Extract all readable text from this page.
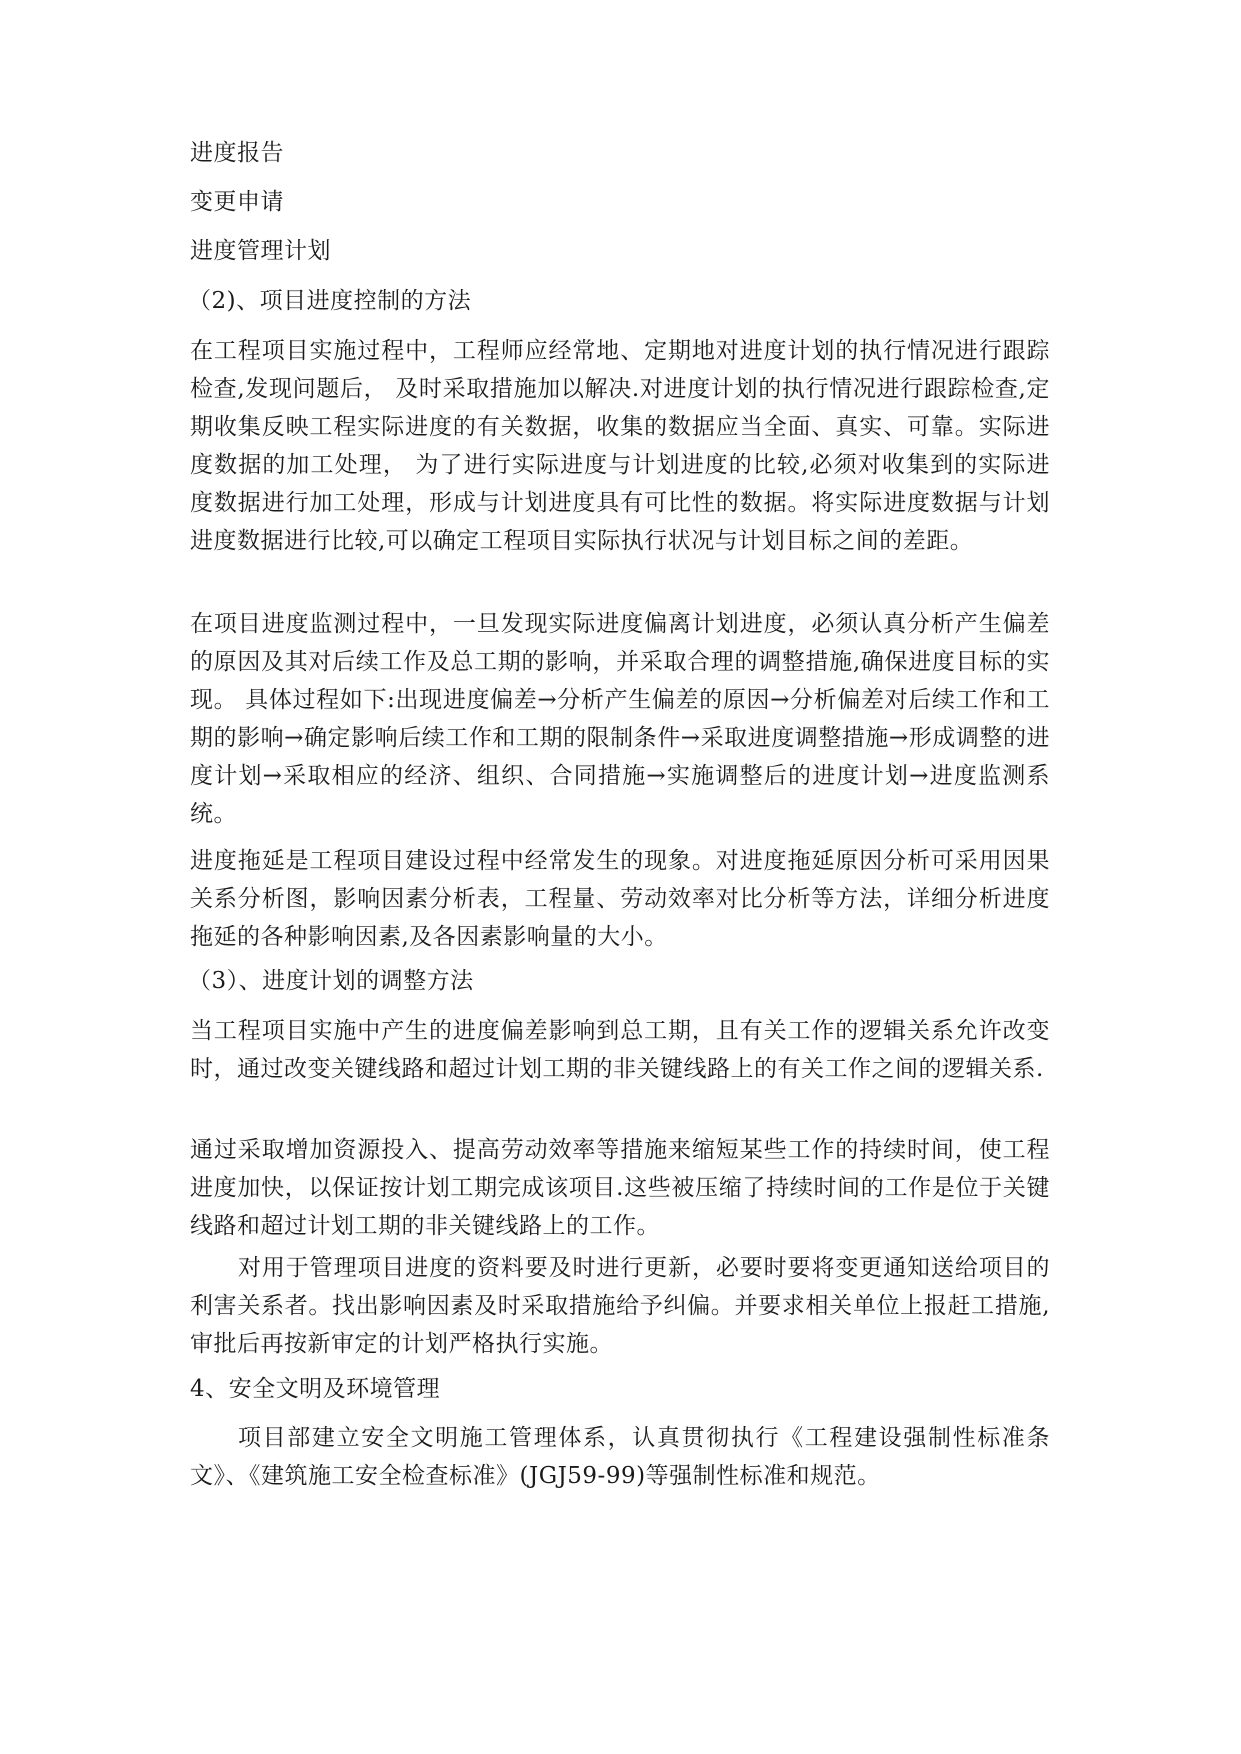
进度报告

变更申请

进度管理计划

（2)、项目进度控制的方法

在工程项目实施过程中，工程师应经常地、定期地对进度计划的执行情况进行跟踪检查,发现问题后， 及时采取措施加以解决.对进度计划的执行情况进行跟踪检查,定期收集反映工程实际进度的有关数据，收集的数据应当全面、真实、可靠。实际进度数据的加工处理， 为了进行实际进度与计划进度的比较,必须对收集到的实际进度数据进行加工处理，形成与计划进度具有可比性的数据。将实际进度数据与计划进度数据进行比较,可以确定工程项目实际执行状况与计划目标之间的差距。

在项目进度监测过程中，一旦发现实际进度偏离计划进度，必须认真分析产生偏差的原因及其对后续工作及总工期的影响，并采取合理的调整措施,确保进度目标的实现。 具体过程如下:出现进度偏差→分析产生偏差的原因→分析偏差对后续工作和工期的影响→确定影响后续工作和工期的限制条件→采取进度调整措施→形成调整的进度计划→采取相应的经济、组织、合同措施→实施调整后的进度计划→进度监测系统。

进度拖延是工程项目建设过程中经常发生的现象。对进度拖延原因分析可采用因果关系分析图，影响因素分析表，工程量、劳动效率对比分析等方法，详细分析进度拖延的各种影响因素,及各因素影响量的大小。

（3）、进度计划的调整方法

当工程项目实施中产生的进度偏差影响到总工期，且有关工作的逻辑关系允许改变时，通过改变关键线路和超过计划工期的非关键线路上的有关工作之间的逻辑关系.

通过采取增加资源投入、提高劳动效率等措施来缩短某些工作的持续时间，使工程进度加快，以保证按计划工期完成该项目.这些被压缩了持续时间的工作是位于关键线路和超过计划工期的非关键线路上的工作。

对用于管理项目进度的资料要及时进行更新，必要时要将变更通知送给项目的利害关系者。找出影响因素及时采取措施给予纠偏。并要求相关单位上报赶工措施,审批后再按新审定的计划严格执行实施。

4、安全文明及环境管理

项目部建立安全文明施工管理体系，认真贯彻执行《工程建设强制性标准条文》、《建筑施工安全检查标准》(JGJ59-99)等强制性标准和规范。
